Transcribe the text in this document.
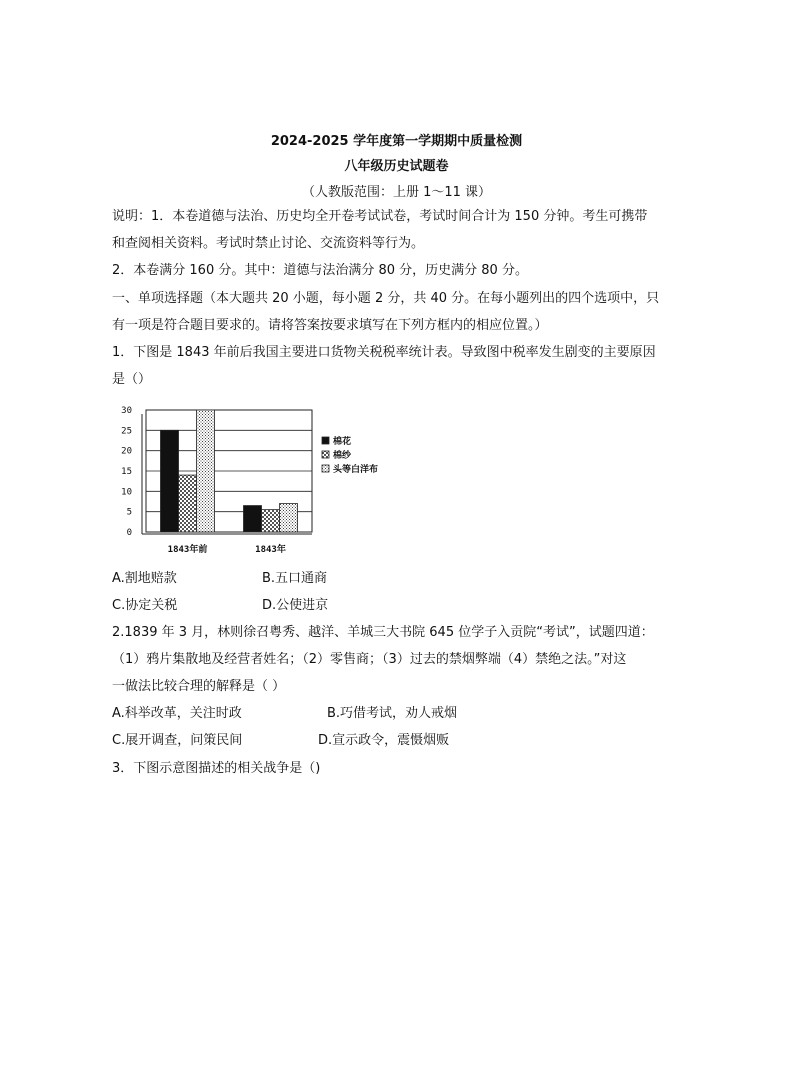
2024-2025 学年度第一学期期中质量检测
八年级历史试题卷
（人教版范围：上册 1～11 课）
说明：1．本卷道德与法治、历史均全开卷考试试卷，考试时间合计为 150 分钟。考生可携带
和查阅相关资料。考试时禁止讨论、交流资料等行为。
2．本卷满分 160 分。其中：道德与法治满分 80 分，历史满分 80 分。
一、单项选择题（本大题共 20 小题，每小题 2 分，共 40 分。在每小题列出的四个选项中，只
有一项是符合题目要求的。请将答案按要求填写在下列方框内的相应位置。）
1．下图是 1843 年前后我国主要进口货物关税税率统计表。导致图中税率发生剧变的主要原因
是（）
0
5
10
15
20
25
30
1843年前	1843年
棉花
棉纱
头等白洋布
A.割地赔款	B.五口通商
C.协定关税	D.公使进京
2.1839 年 3 月，林则徐召粤秀、越洋、羊城三大书院 645 位学子入贡院“考试”，试题四道：
（1）鸦片集散地及经营者姓名；（2）零售商；（3）过去的禁烟弊端（4）禁绝之法。”对这
一做法比较合理的解释是（ ）
A.科举改革，关注时政	B.巧借考试，劝人戒烟
C.展开调查，问策民间	D.宣示政令，震慑烟贩
3．下图示意图描述的相关战争是（)
